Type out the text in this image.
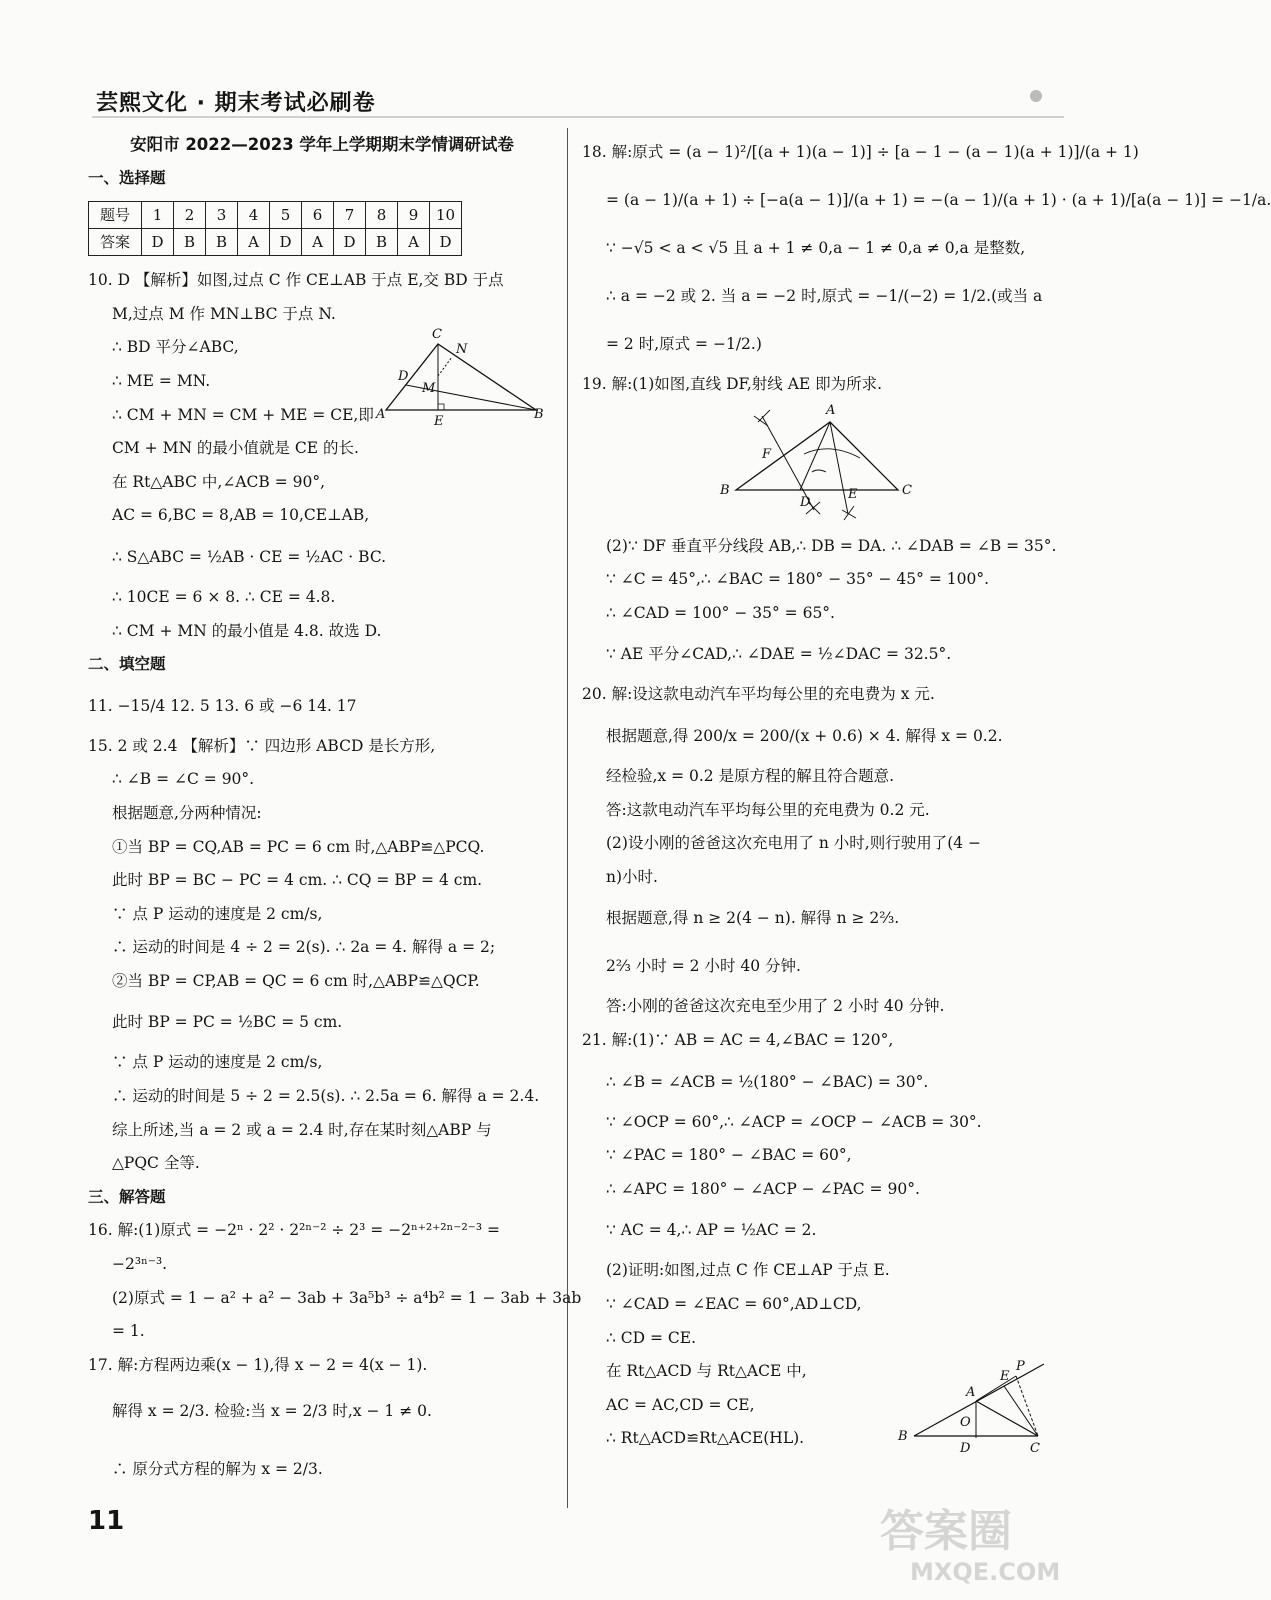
芸熙文化 · 期末考试必刷卷
安阳市 2022—2023 学年上学期期末学情调研试卷
一、选择题
题号	1	2	3	4	5	6	7	8	9	10
答案	D	B	B	A	D	A	D	B	A	D
10. D 【解析】如图,过点 C 作 CE⊥AB 于点 E,交 BD 于点
M,过点 M 作 MN⊥BC 于点 N.
∴ BD 平分∠ABC,
∴ ME = MN.
∴ CM + MN = CM + ME = CE,即
CM + MN 的最小值就是 CE 的长.
在 Rt△ABC 中,∠ACB = 90°,
AC = 6,BC = 8,AB = 10,CE⊥AB,
∴ S△ABC = ½AB · CE = ½AC · BC.
∴ 10CE = 6 × 8. ∴ CE = 4.8.
∴ CM + MN 的最小值是 4.8. 故选 D.
二、填空题
11. −15/4 12. 5 13. 6 或 −6 14. 17
15. 2 或 2.4 【解析】∵ 四边形 ABCD 是长方形,
∴ ∠B = ∠C = 90°.
根据题意,分两种情况:
①当 BP = CQ,AB = PC = 6 cm 时,△ABP≌△PCQ.
此时 BP = BC − PC = 4 cm. ∴ CQ = BP = 4 cm.
∵ 点 P 运动的速度是 2 cm/s,
∴ 运动的时间是 4 ÷ 2 = 2(s). ∴ 2a = 4. 解得 a = 2;
②当 BP = CP,AB = QC = 6 cm 时,△ABP≌△QCP.
此时 BP = PC = ½BC = 5 cm.
∵ 点 P 运动的速度是 2 cm/s,
∴ 运动的时间是 5 ÷ 2 = 2.5(s). ∴ 2.5a = 6. 解得 a = 2.4.
综上所述,当 a = 2 或 a = 2.4 时,存在某时刻△ABP 与
△PQC 全等.
三、解答题
16. 解:(1)原式 = −2ⁿ · 2² · 2²ⁿ⁻² ÷ 2³ = −2ⁿ⁺²⁺²ⁿ⁻²⁻³ =
−2³ⁿ⁻³.
(2)原式 = 1 − a² + a² − 3ab + 3a⁵b³ ÷ a⁴b² = 1 − 3ab + 3ab
= 1.
17. 解:方程两边乘(x − 1),得 x − 2 = 4(x − 1).
解得 x = 2/3. 检验:当 x = 2/3 时,x − 1 ≠ 0.
∴ 原分式方程的解为 x = 2/3.
C
N
D
M
A	E	B
18. 解:原式 = (a − 1)²/[(a + 1)(a − 1)] ÷ [a − 1 − (a − 1)(a + 1)]/(a + 1)
= (a − 1)/(a + 1) ÷ [−a(a − 1)]/(a + 1) = −(a − 1)/(a + 1) · (a + 1)/[a(a − 1)] = −1/a.
∵ −√5 < a < √5 且 a + 1 ≠ 0,a − 1 ≠ 0,a ≠ 0,a 是整数,
∴ a = −2 或 2. 当 a = −2 时,原式 = −1/(−2) = 1/2.(或当 a
= 2 时,原式 = −1/2.)
19. 解:(1)如图,直线 DF,射线 AE 即为所求.
(2)∵ DF 垂直平分线段 AB,∴ DB = DA. ∴ ∠DAB = ∠B = 35°.
∵ ∠C = 45°,∴ ∠BAC = 180° − 35° − 45° = 100°.
∴ ∠CAD = 100° − 35° = 65°.
∵ AE 平分∠CAD,∴ ∠DAE = ½∠DAC = 32.5°.
20. 解:设这款电动汽车平均每公里的充电费为 x 元.
根据题意,得 200/x = 200/(x + 0.6) × 4. 解得 x = 0.2.
经检验,x = 0.2 是原方程的解且符合题意.
答:这款电动汽车平均每公里的充电费为 0.2 元.
(2)设小刚的爸爸这次充电用了 n 小时,则行驶用了(4 −
n)小时.
根据题意,得 n ≥ 2(4 − n). 解得 n ≥ 2⅔.
2⅔ 小时 = 2 小时 40 分钟.
答:小刚的爸爸这次充电至少用了 2 小时 40 分钟.
21. 解:(1)∵ AB = AC = 4,∠BAC = 120°,
∴ ∠B = ∠ACB = ½(180° − ∠BAC) = 30°.
∵ ∠OCP = 60°,∴ ∠ACP = ∠OCP − ∠ACB = 30°.
∵ ∠PAC = 180° − ∠BAC = 60°,
∴ ∠APC = 180° − ∠ACP − ∠PAC = 90°.
∵ AC = 4,∴ AP = ½AC = 2.
(2)证明:如图,过点 C 作 CE⊥AP 于点 E.
∵ ∠CAD = ∠EAC = 60°,AD⊥CD,
∴ CD = CE.
在 Rt△ACD 与 Rt△ACE 中,
AC = AC,CD = CE,
∴ Rt△ACD≌Rt△ACE(HL).
A
F
B
D
E	C
P
E
A
O
B
D	C
11	答案圈
MXQE.COM
